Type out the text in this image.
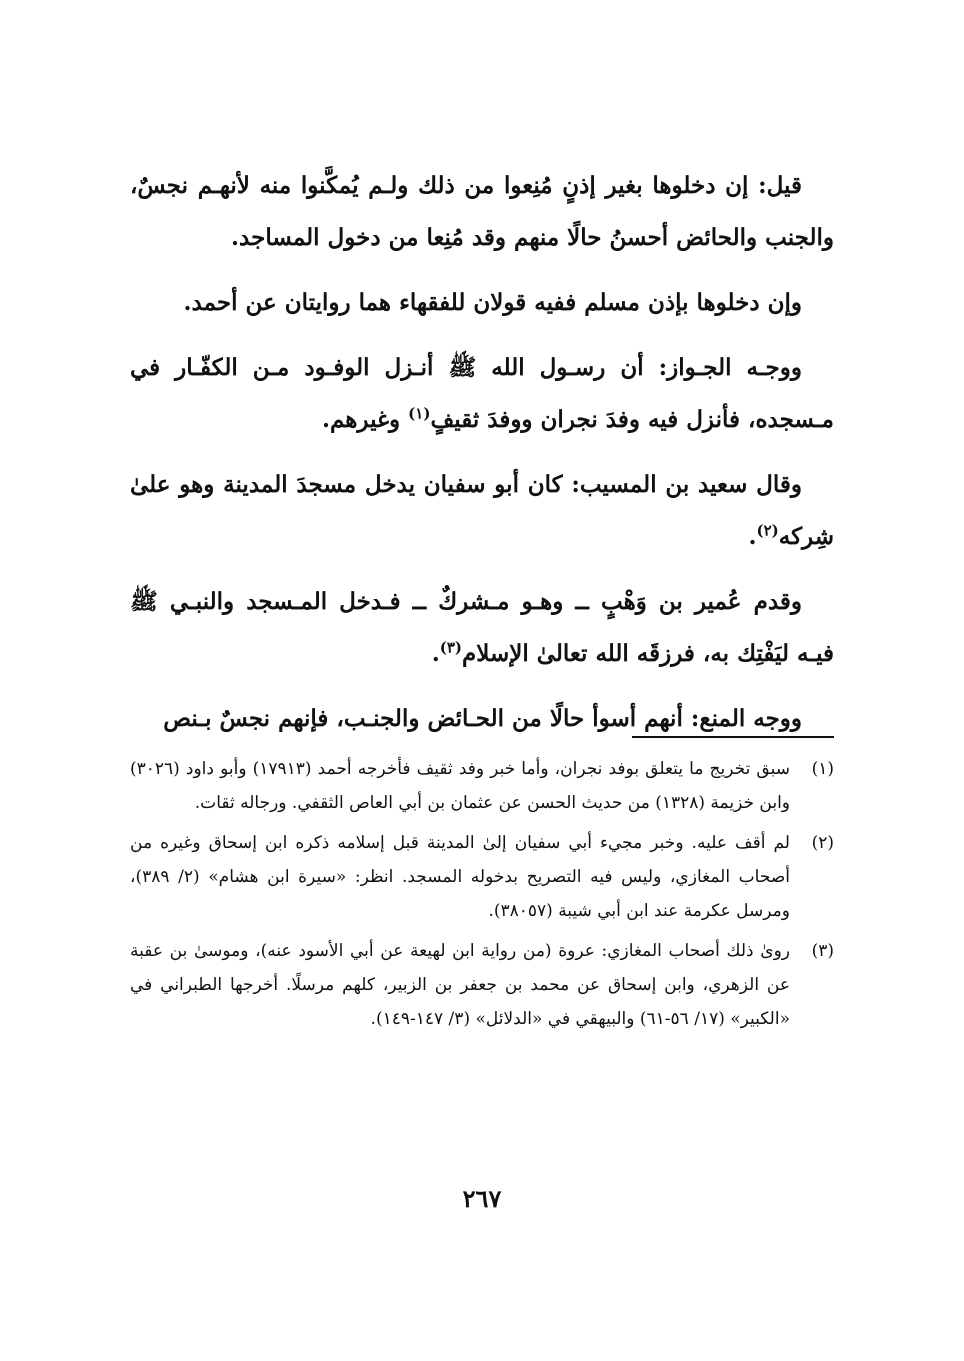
قيل: إن دخلوها بغير إذنٍ مُنِعوا من ذلك ولـم يُمكَّنوا منه لأنهـم نجسٌ، والجنب والحائض أحسنُ حالًا منهم وقد مُنِعا من دخول المساجد.

وإن دخلوها بإذن مسلم ففيه قولان للفقهاء هما روايتان عن أحمد.

ووجـه الجـواز: أن رسـول الله ﷺ أنـزل الوفـود مـن الكفّـار في مـسجده، فأنزل فيه وفدَ نجران ووفدَ ثقيفٍ$^{(١)}$ وغيرهم.

وقال سعيد بن المسيب: كان أبو سفيان يدخل مسجدَ المدينة وهو علىٰ شِركه$^{(٢)}$.

وقدم عُمير بن وَهْبٍ ــ وهـو مـشركٌ ــ فـدخل المـسجد والنبـي ﷺ فيـه ليَفْتِك به، فرزقَه الله تعالىٰ الإسلام$^{(٣)}$.

ووجه المنع: أنهم أسوأ حالًا من الحـائض والجنـب، فإنهم نجسٌ بـنص

(١)
سبق تخريج ما يتعلق بوفد نجران، وأما خبر وفد ثقيف فأخرجه أحمد (١٧٩١٣) وأبو داود (٣٠٢٦) وابن خزيمة (١٣٢٨) من حديث الحسن عن عثمان بن أبي العاص الثقفي. ورجاله ثقات.
(٢)
لم أقف عليه. وخبر مجيء أبي سفيان إلىٰ المدينة قبل إسلامه ذكره ابن إسحاق وغيره من أصحاب المغازي، وليس فيه التصريح بدخوله المسجد. انظر: «سيرة ابن هشام» (٢/ ٣٨٩)، ومرسل عكرمة عند ابن أبي شيبة (٣٨٠٥٧).
(٣)
رویٰ ذلك أصحاب المغازي: عروة (من رواية ابن لهيعة عن أبي الأسود عنه)، وموسىٰ بن عقبة عن الزهري، وابن إسحاق عن محمد بن جعفر بن الزبير، كلهم مرسلًا. أخرجها الطبراني في «الكبير» (١٧/ ٥٦-٦١) والبيهقي في «الدلائل» (٣/ ١٤٧-١٤٩).
٢٦٧
